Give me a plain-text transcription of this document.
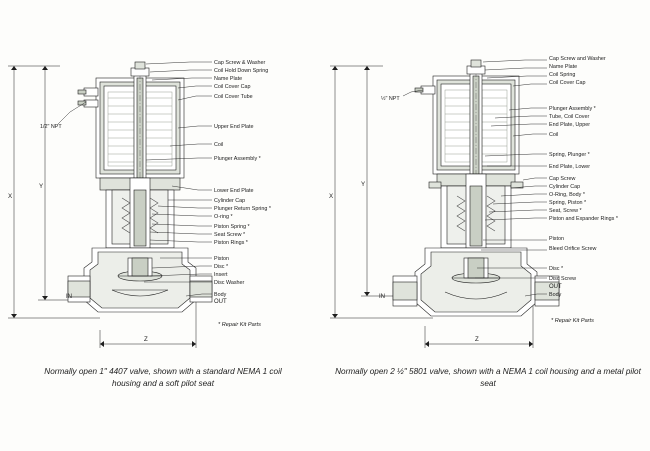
Cap Screw & Washer
Coil Hold Down Spring
Name Plate
Coil Cover Cap
Coil Cover Tube
Upper End Plate
Coil
Plunger Assembly *
Lower End Plate
Cylinder Cap
Plunger Return Spring *
O-ring *
Piston Spring *
Seat Screw *
Piston Rings *
Piston
Disc *
Insert
Disc Washer
Body
1/2" NPT
X
Y
Z
IN
OUT
* Repair Kit Parts
Normally open 1" 4407 valve, shown with a standard NEMA 1 coil
housing and a soft pilot seat
Cap Screw and Washer
Name Plate
Coil Spring
Coil Cover Cap
Plunger Assembly *
Tube, Coil Cover
End Plate, Upper
Coil
Spring, Plunger *
End Plate, Lower
Cap Screw
Cylinder Cap
O-Ring, Body *
Spring, Piston *
Seat, Screw *
Piston and Expander Rings *
Piston
Bleed Orifice Screw
Disc *
Disc Screw
Body
½" NPT
X
Y
Z
IN
OUT
* Repair Kit Parts
Normally open 2 ½" 5801 valve, shown with a NEMA 1 coil housing and a metal pilot
seat
